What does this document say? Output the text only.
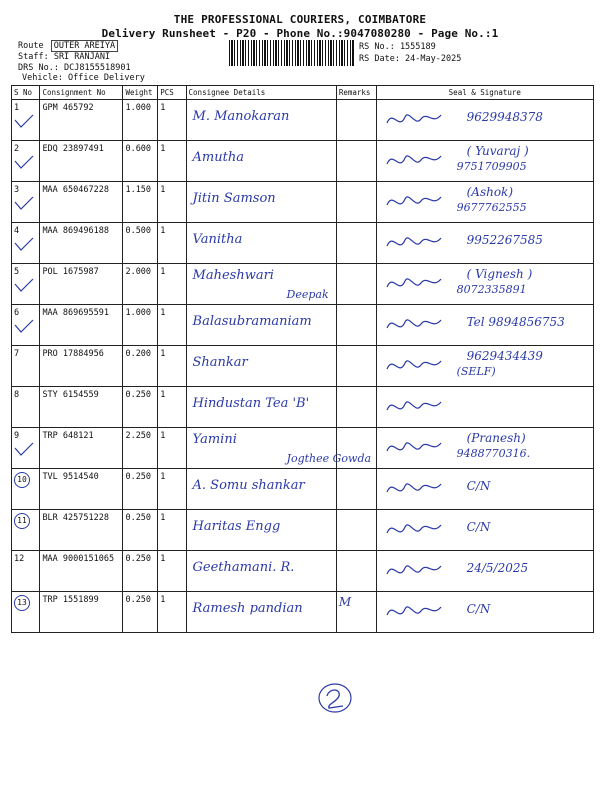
THE PROFESSIONAL COURIERS, COIMBATORE
Delivery Runsheet - P20 - Phone No.:9047080280 - Page No.:1
Route OUTER AREIYA
Staff: SRI RANJANI
DRS No.: DCJ8155518901
Vehicle: Office Delivery
RS No.: 1555189
RS Date: 24-May-2025
S No	Consignment No	Weight	PCS	Consignee Details	Remarks	Seal & Signature
1	GPM 465792	1.000	1	M. Manokaran		9629948378

2	EDQ 23897491	0.600	1	Amutha		( Yuvaraj )
9751709905

3	MAA 650467228	1.150	1	Jitin Samson		(Ashok)
9677762555

4	MAA 869496188	0.500	1	Vanitha		9952267585

5	POL 1675987	2.000	1	Maheshwari
Deepak		( Vignesh )
8072335891

6	MAA 869695591	1.000	1	Balasubramaniam		Tel 9894856753

7	PRO 17884956	0.200	1	Shankar		9629434439
(SELF)

8	STY 6154559	0.250	1	Hindustan Tea 'B'

9	TRP 648121	2.250	1	Yamini
Jogthee Gowda		(Pranesh)
9488770316.

10	TVL 9514540	0.250	1	A. Somu shankar		C/N

11	BLR 425751228	0.250	1	Haritas Engg		C/N

12	MAA 9000151065	0.250	1	Geethamani. R.		24/5/2025

13	TRP 1551899	0.250	1	Ramesh pandian	M	C/N
